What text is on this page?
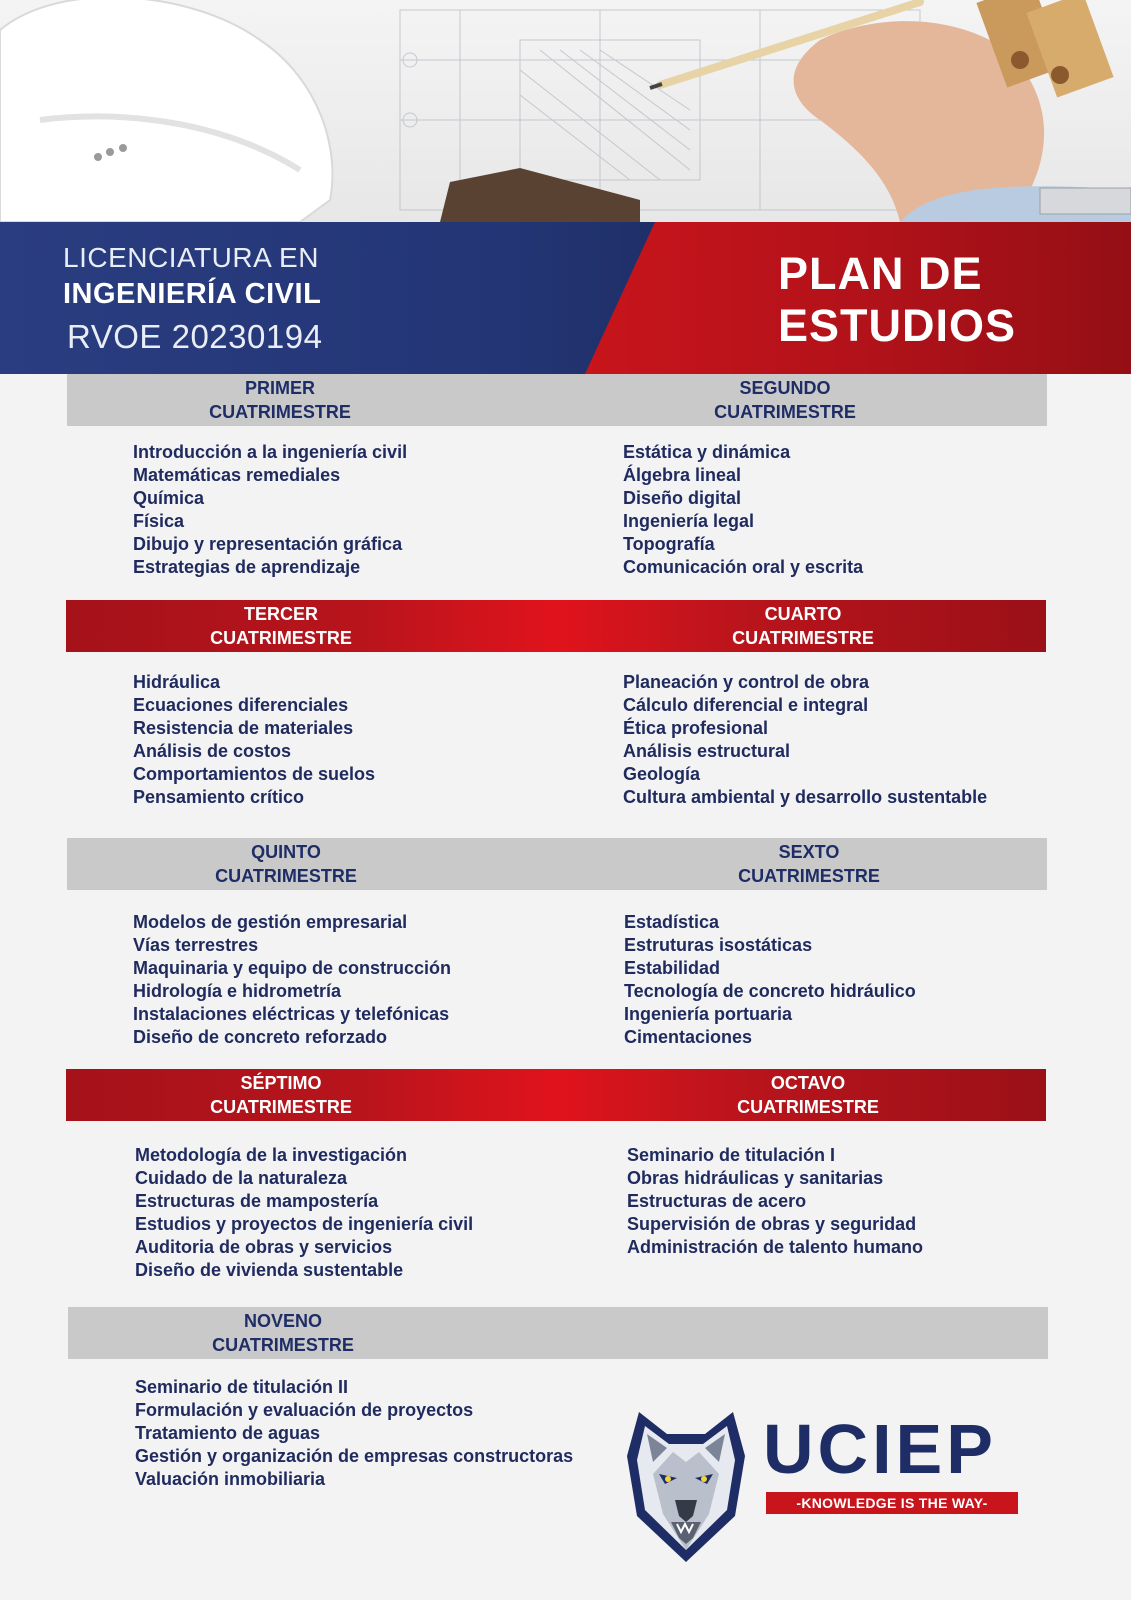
LICENCIATURA EN
INGENIERÍA CIVIL
RVOE 20230194
PLAN DE
ESTUDIOS
PRIMER
CUATRIMESTRE
SEGUNDO
CUATRIMESTRE
Introducción a la ingeniería civil
Matemáticas remediales
Química
Física
Dibujo y representación gráfica
Estrategias de aprendizaje
Estática y dinámica
Álgebra lineal
Diseño digital
Ingeniería legal
Topografía
Comunicación oral y escrita
TERCER
CUATRIMESTRE
CUARTO
CUATRIMESTRE
Hidráulica
Ecuaciones diferenciales
Resistencia de materiales
Análisis de costos
Comportamientos de suelos
Pensamiento crítico
Planeación y control de obra
Cálculo diferencial e integral
Ética profesional
Análisis estructural
Geología
Cultura ambiental y desarrollo sustentable
QUINTO
CUATRIMESTRE
SEXTO
CUATRIMESTRE
Modelos de gestión empresarial
Vías terrestres
Maquinaria y equipo de construcción
Hidrología e hidrometría
Instalaciones eléctricas y telefónicas
Diseño de concreto reforzado
Estadística
Estruturas isostáticas
Estabilidad
Tecnología de concreto hidráulico
Ingeniería portuaria
Cimentaciones
SÉPTIMO
CUATRIMESTRE
OCTAVO
CUATRIMESTRE
Metodología de la investigación
Cuidado de la naturaleza
Estructuras de mampostería
Estudios y proyectos de ingeniería civil
Auditoria de obras y servicios
Diseño de vivienda sustentable
Seminario de titulación I
Obras hidráulicas y sanitarias
Estructuras de acero
Supervisión de obras y seguridad
Administración de talento humano
NOVENO
CUATRIMESTRE
Seminario de titulación II
Formulación y evaluación de proyectos
Tratamiento de aguas
Gestión y organización de empresas constructoras
Valuación inmobiliaria	UCIEP
-KNOWLEDGE IS THE WAY-
